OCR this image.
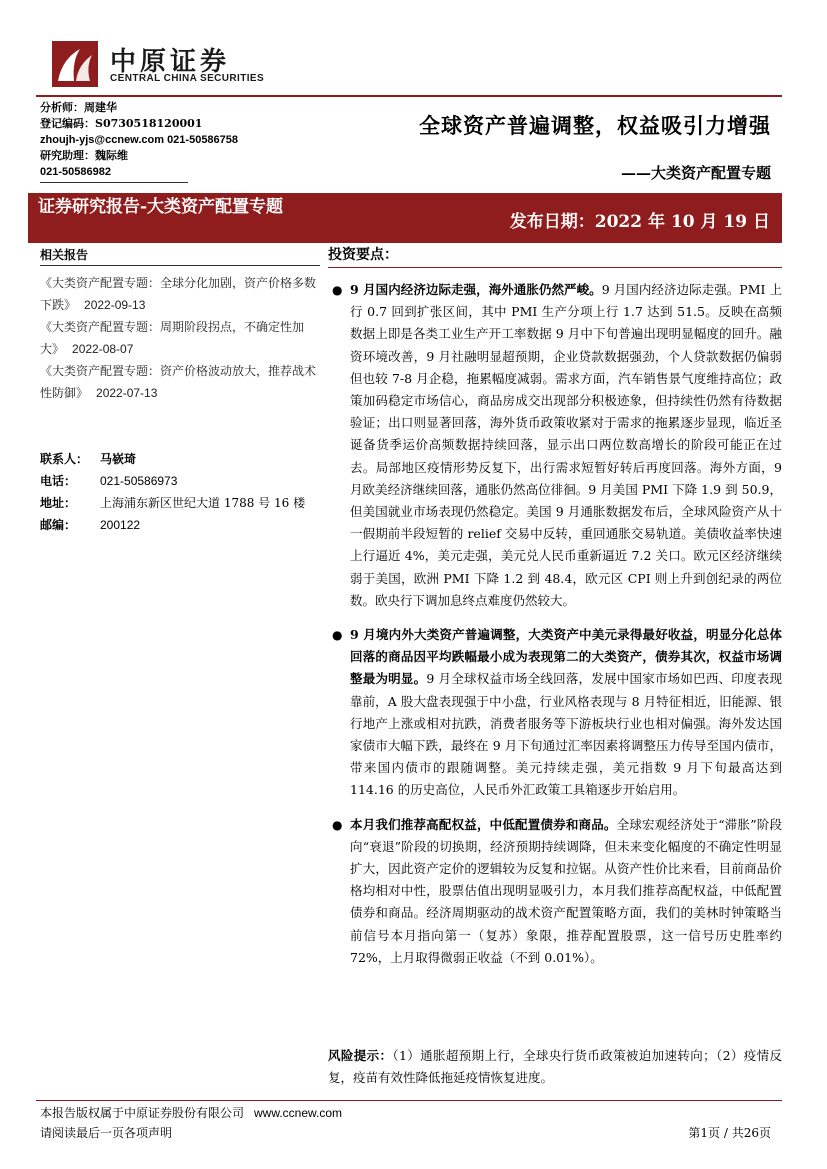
中原证券
CENTRAL CHINA SECURITIES
分析师：周建华
登记编码：S0730518120001
zhoujh-yjs@ccnew.com 021-50586758
研究助理：魏际维
021-50586982
全球资产普遍调整，权益吸引力增强
——大类资产配置专题
证券研究报告-大类资产配置专题
发布日期：2022 年 10 月 19 日
相关报告
《大类资产配置专题：全球分化加剧，资产价格多数下跌》 2022-09-13
《大类资产配置专题：周期阶段拐点，不确定性加大》 2022-08-07
《大类资产配置专题：资产价格波动放大，推荐战术性防御》 2022-07-13
联系人： 马嵚琦
电话：	021-50586973
地址：	上海浦东新区世纪大道 1788 号 16 楼
邮编：	200122
投资要点：
● 9 月国内经济边际走强，海外通胀仍然严峻。9 月国内经济边际走强。PMI 上行 0.7 回到扩张区间，其中 PMI 生产分项上行 1.7 达到 51.5。反映在高频数据上即是各类工业生产开工率数据 9 月中下旬普遍出现明显幅度的回升。融资环境改善，9 月社融明显超预期，企业贷款数据强劲，个人贷款数据仍偏弱但也较 7-8 月企稳，拖累幅度减弱。需求方面，汽车销售景气度维持高位；政策加码稳定市场信心，商品房成交出现部分积极迹象，但持续性仍然有待数据验证；出口则显著回落，海外货币政策收紧对于需求的拖累逐步显现，临近圣诞备货季运价高频数据持续回落，显示出口两位数高增长的阶段可能正在过去。局部地区疫情形势反复下，出行需求短暂好转后再度回落。海外方面，9 月欧美经济继续回落，通胀仍然高位徘徊。9 月美国 PMI 下降 1.9 到 50.9，但美国就业市场表现仍然稳定。美国 9 月通胀数据发布后，全球风险资产从十一假期前半段短暂的 relief 交易中反转，重回通胀交易轨道。美债收益率快速上行逼近 4%，美元走强，美元兑人民币重新逼近 7.2 关口。欧元区经济继续弱于美国，欧洲 PMI 下降 1.2 到 48.4，欧元区 CPI 则上升到创纪录的两位数。欧央行下调加息终点难度仍然较大。
● 9 月境内外大类资产普遍调整，大类资产中美元录得最好收益，明显分化总体回落的商品因平均跌幅最小成为表现第二的大类资产，债券其次，权益市场调整最为明显。9 月全球权益市场全线回落，发展中国家市场如巴西、印度表现靠前，A 股大盘表现强于中小盘，行业风格表现与 8 月特征相近，旧能源、银行地产上涨或相对抗跌，消费者服务等下游板块行业也相对偏强。海外发达国家债市大幅下跌，最终在 9 月下旬通过汇率因素将调整压力传导至国内债市，带来国内债市的跟随调整。美元持续走强，美元指数 9 月下旬最高达到 114.16 的历史高位，人民币外汇政策工具箱逐步开始启用。
● 本月我们推荐高配权益，中低配置债券和商品。全球宏观经济处于“滞胀”阶段向“衰退”阶段的切换期，经济预期持续调降，但未来变化幅度的不确定性明显扩大，因此资产定价的逻辑较为反复和拉锯。从资产性价比来看，目前商品价格均相对中性，股票估值出现明显吸引力，本月我们推荐高配权益，中低配置债券和商品。经济周期驱动的战术资产配置策略方面，我们的美林时钟策略当前信号本月指向第一（复苏）象限，推荐配置股票，这一信号历史胜率约 72%，上月取得微弱正收益（不到 0.01%）。
风险提示：（1）通胀超预期上行，全球央行货币政策被迫加速转向；（2）疫情反复，疫苗有效性降低拖延疫情恢复进度。
本报告版权属于中原证券股份有限公司 www.ccnew.com
请阅读最后一页各项声明	第1页 / 共26页
